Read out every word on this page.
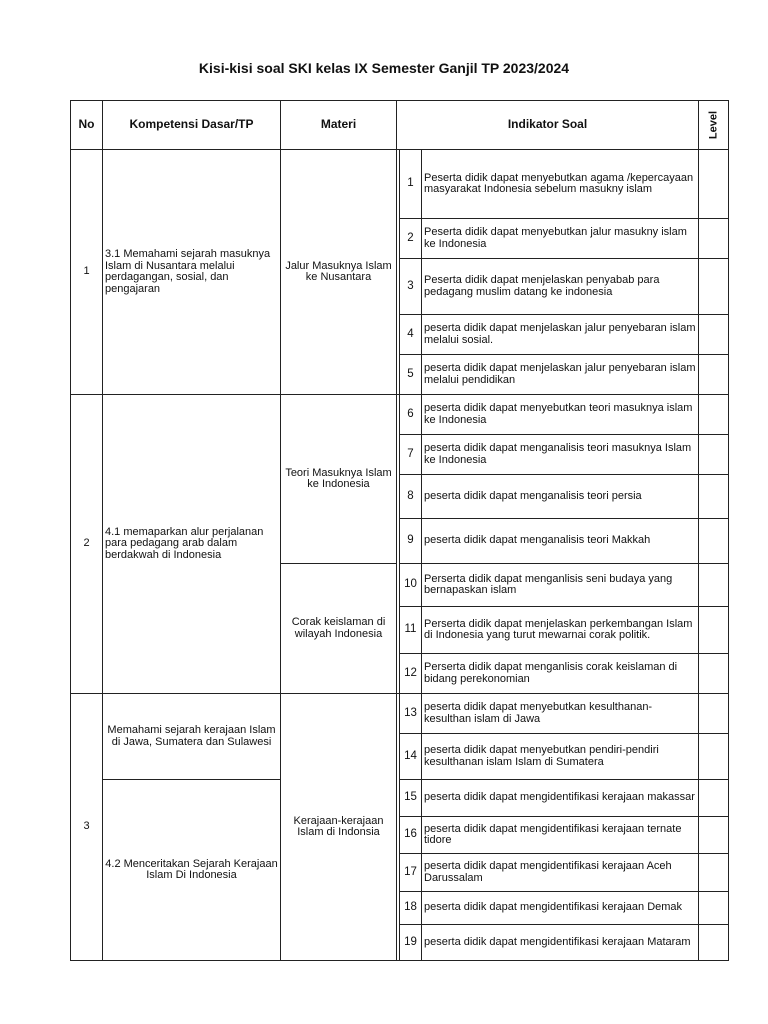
Kisi-kisi soal SKI kelas IX Semester Ganjil TP 2023/2024
No	Kompetensi Dasar/TP	Materi	Indikator Soal			Level

1	3.1 Memahami sejarah masuknya Islam di Nusantara melalui perdagangan, sosial, dan pengajaran	Jalur Masuknya Islam ke Nusantara		1	Peserta didik dapat menyebutkan agama /kepercayaan masyarakat Indonesia sebelum masukny islam	
				2	Peserta didik dapat menyebutkan jalur masukny islam ke Indonesia	
				3	Peserta didik dapat menjelaskan penyabab para pedagang muslim datang ke indonesia	
				4	peserta didik dapat menjelaskan jalur penyebaran islam melalui sosial.	
				5	peserta didik dapat menjelaskan jalur penyebaran islam melalui pendidikan	
2	4.1 memaparkan alur perjalanan para pedagang arab dalam berdakwah di Indonesia	Teori Masuknya Islam ke Indonesia		6	peserta didik dapat menyebutkan teori masuknya islam ke Indonesia	
				7	peserta didik dapat menganalisis teori masuknya Islam ke Indonesia	
				8	peserta didik dapat menganalisis teori persia	
				9	peserta didik dapat menganalisis teori Makkah	
		Corak keislaman di wilayah Indonesia		10	Perserta didik dapat menganlisis seni budaya yang bernapaskan islam	
				11	Perserta didik dapat menjelaskan perkembangan Islam di Indonesia yang turut mewarnai corak politik.	
				12	Perserta didik dapat menganlisis corak keislaman di bidang perekonomian	
3	Memahami sejarah kerajaan Islam di Jawa, Sumatera dan Sulawesi	Kerajaan-kerajaan Islam di Indonsia		13	peserta didik dapat menyebutkan kesulthanan-kesulthan islam di Jawa	
				14	peserta didik dapat menyebutkan pendiri-pendiri kesulthanan islam Islam di Sumatera	
	4.2 Menceritakan Sejarah Kerajaan Islam Di Indonesia			15	peserta didik dapat mengidentifikasi kerajaan makassar	
				16	peserta didik dapat mengidentifikasi kerajaan ternate tidore	
				17	peserta didik dapat mengidentifikasi kerajaan Aceh Darussalam	
				18	peserta didik dapat mengidentifikasi kerajaan Demak	
				19	peserta didik dapat mengidentifikasi kerajaan Mataram	
